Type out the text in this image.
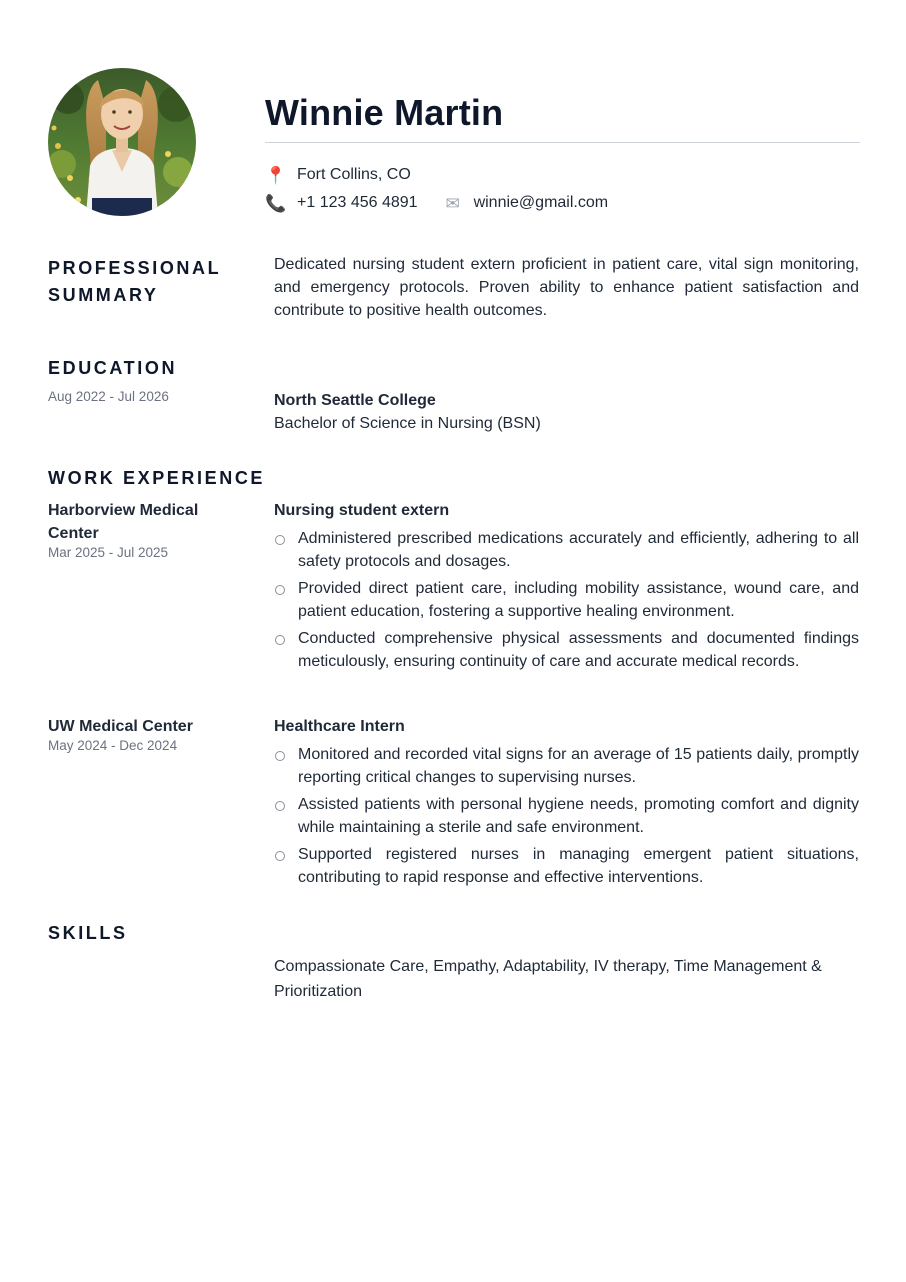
Winnie Martin
📍 Fort Collins, CO
📞 +1 123 456 4891 ✉ winnie@gmail.com
PROFESSIONAL
SUMMARY

Dedicated nursing student extern proficient in patient care, vital sign monitoring, and emergency protocols. Proven ability to enhance patient satisfaction and contribute to positive health outcomes.

EDUCATION
Aug 2022 - Jul 2026	North Seattle College

Bachelor of Science in Nursing (BSN)

WORK EXPERIENCE
Harborview Medical Center
Mar 2025 - Jul 2025

Nursing student extern

Administered prescribed medications accurately and efficiently, adhering to all safety protocols and dosages.
Provided direct patient care, including mobility assistance, wound care, and patient education, fostering a supportive healing environment.
Conducted comprehensive physical assessments and documented findings meticulously, ensuring continuity of care and accurate medical records.
UW Medical Center
May 2024 - Dec 2024

Healthcare Intern

Monitored and recorded vital signs for an average of 15 patients daily, promptly reporting critical changes to supervising nurses.
Assisted patients with personal hygiene needs, promoting comfort and dignity while maintaining a sterile and safe environment.
Supported registered nurses in managing emergent patient situations, contributing to rapid response and effective interventions.
SKILLS

Compassionate Care, Empathy, Adaptability, IV therapy, Time Management & Prioritization
